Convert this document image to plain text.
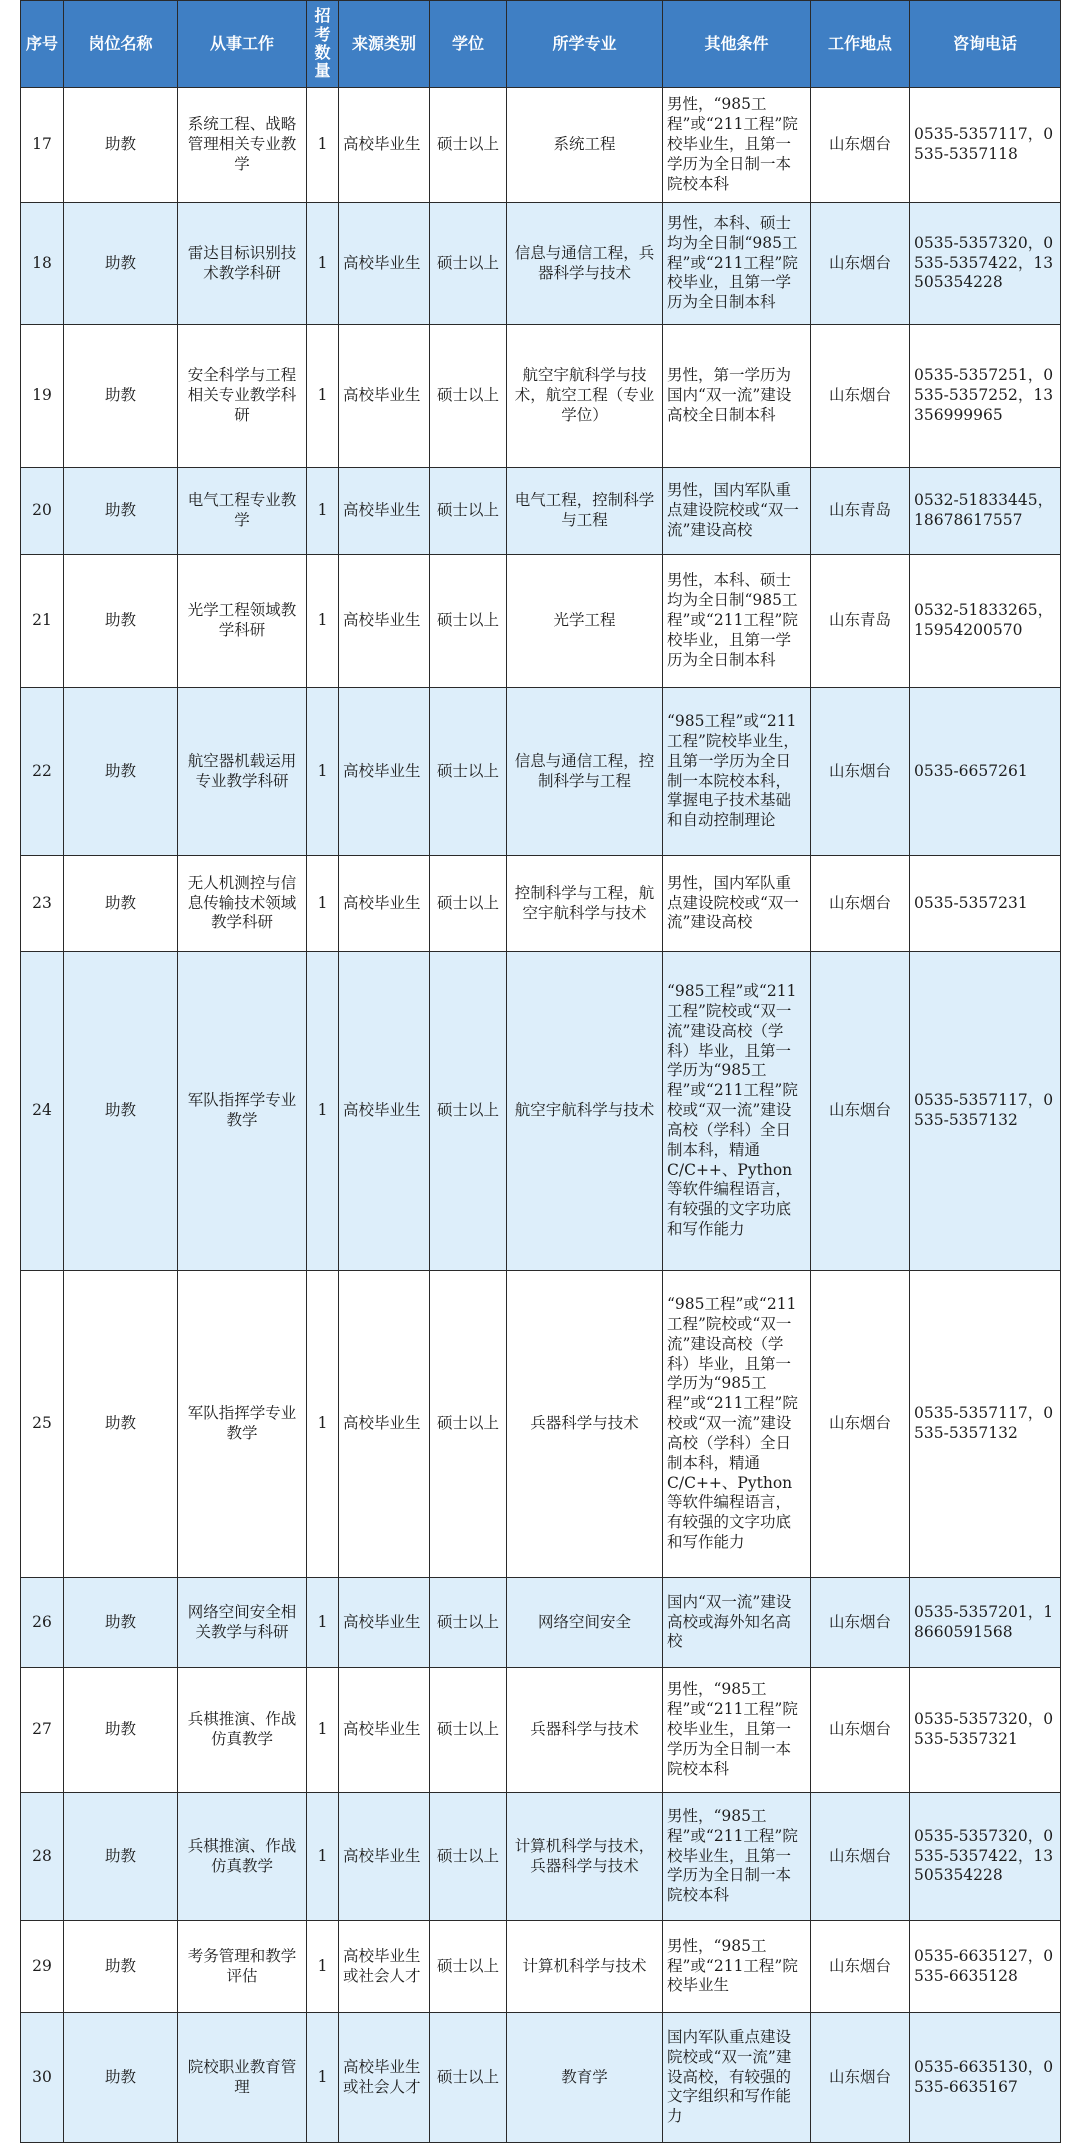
序号	岗位名称	从事工作	招考数量	来源类别	学位	所学专业	其他条件	工作地点	咨询电话
17	助教	系统工程、战略管理相关专业教学	1	高校毕业生	硕士以上	系统工程	男性，“985工程”或“211工程”院校毕业生，且第一学历为全日制一本院校本科	山东烟台	0535-5357117，0535-5357118
18	助教	雷达目标识别技术教学科研	1	高校毕业生	硕士以上	信息与通信工程，兵器科学与技术	男性，本科、硕士均为全日制“985工程”或“211工程”院校毕业，且第一学历为全日制本科	山东烟台	0535-5357320，0535-5357422，13505354228
19	助教	安全科学与工程相关专业教学科研	1	高校毕业生	硕士以上	航空宇航科学与技术，航空工程（专业学位）	男性，第一学历为国内“双一流”建设高校全日制本科	山东烟台	0535-5357251，0535-5357252，13356999965
20	助教	电气工程专业教学	1	高校毕业生	硕士以上	电气工程，控制科学与工程	男性，国内军队重点建设院校或“双一流”建设高校	山东青岛	0532-51833445，18678617557
21	助教	光学工程领域教学科研	1	高校毕业生	硕士以上	光学工程	男性，本科、硕士均为全日制“985工程”或“211工程”院校毕业，且第一学历为全日制本科	山东青岛	0532-51833265，15954200570
22	助教	航空器机载运用专业教学科研	1	高校毕业生	硕士以上	信息与通信工程，控制科学与工程	“985工程”或“211工程”院校毕业生，且第一学历为全日制一本院校本科，掌握电子技术基础和自动控制理论	山东烟台	0535-6657261
23	助教	无人机测控与信息传输技术领域教学科研	1	高校毕业生	硕士以上	控制科学与工程，航空宇航科学与技术	男性，国内军队重点建设院校或“双一流”建设高校	山东烟台	0535-5357231
24	助教	军队指挥学专业教学	1	高校毕业生	硕士以上	航空宇航科学与技术	“985工程”或“211工程”院校或“双一流”建设高校（学科）毕业，且第一学历为“985工程”或“211工程”院校或“双一流”建设高校（学科）全日制本科，精通C/C++、Python等软件编程语言，有较强的文字功底和写作能力	山东烟台	0535-5357117，0535-5357132
25	助教	军队指挥学专业教学	1	高校毕业生	硕士以上	兵器科学与技术	“985工程”或“211工程”院校或“双一流”建设高校（学科）毕业，且第一学历为“985工程”或“211工程”院校或“双一流”建设高校（学科）全日制本科，精通C/C++、Python等软件编程语言，有较强的文字功底和写作能力	山东烟台	0535-5357117，0535-5357132
26	助教	网络空间安全相关教学与科研	1	高校毕业生	硕士以上	网络空间安全	国内“双一流”建设高校或海外知名高校	山东烟台	0535-5357201，18660591568
27	助教	兵棋推演、作战仿真教学	1	高校毕业生	硕士以上	兵器科学与技术	男性，“985工程”或“211工程”院校毕业生，且第一学历为全日制一本院校本科	山东烟台	0535-5357320，0535-5357321
28	助教	兵棋推演、作战仿真教学	1	高校毕业生	硕士以上	计算机科学与技术，兵器科学与技术	男性，“985工程”或“211工程”院校毕业生，且第一学历为全日制一本院校本科	山东烟台	0535-5357320，0535-5357422，13505354228
29	助教	考务管理和教学评估	1	高校毕业生或社会人才	硕士以上	计算机科学与技术	男性，“985工程”或“211工程”院校毕业生	山东烟台	0535-6635127，0535-6635128
30	助教	院校职业教育管理	1	高校毕业生或社会人才	硕士以上	教育学	国内军队重点建设院校或“双一流”建设高校，有较强的文字组织和写作能力	山东烟台	0535-6635130，0535-6635167
